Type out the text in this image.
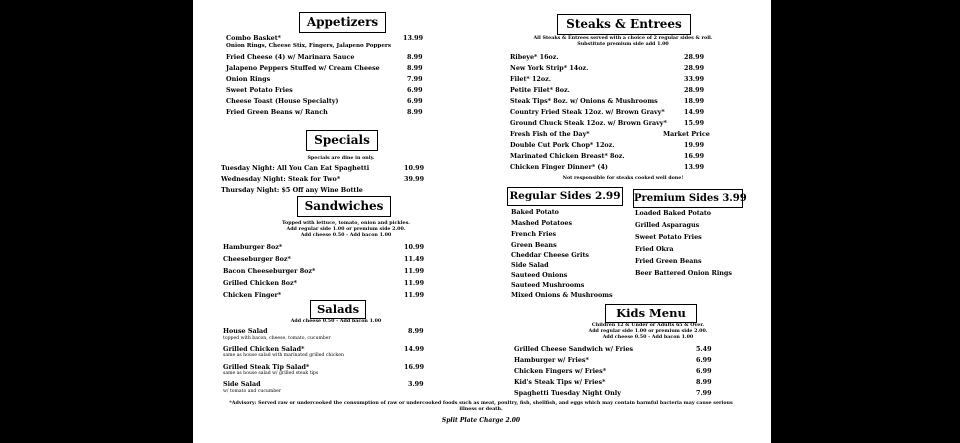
Appetizers
Combo Basket*	13.99
Onion Rings, Cheese Stix, Fingers, Jalapeno Poppers
Fried Cheese (4) w/ Marinara Sauce	8.99
Jalapeno Peppers Stuffed w/ Cream Cheese	8.99
Onion Rings	7.99
Sweet Potato Fries	6.99
Cheese Toast (House Specialty)	6.99
Fried Green Beans w/ Ranch	8.99
Specials
Specials are dine in only.
Tuesday Night: All You Can Eat Spaghetti	10.99
Wednesday Night: Steak for Two*	39.99
Thursday Night: $5 Off any Wine Bottle
Sandwiches
Topped with lettuce, tomato, onion and pickles.
Add regular side 1.00 or premium side 2.00.
Add cheese 0.50 - Add bacon 1.00
Hamburger 8oz*	10.99
Cheeseburger 8oz*	11.49
Bacon Cheeseburger 8oz*	11.99
Grilled Chicken 8oz*	11.99
Chicken Finger*	11.99
Salads
Add cheese 0.50 - Add bacon 1.00
House Salad	8.99
topped with bacon, cheese, tomato, cucumber
Grilled Chicken Salad*	14.99
same as house salad with marinated grilled chicken
Grilled Steak Tip Salad*	16.99
same as house salad w/ grilled steak tips
Side Salad	3.99
w/ tomato and cucumber
Steaks & Entrees
All Steaks & Entrees served with a choice of 2 regular sides & roll.
Substitute premium side add 1.00
Ribeye* 16oz.	28.99
New York Strip* 14oz.	28.99
Filet* 12oz.	33.99
Petite Filet* 8oz.	28.99
Steak Tips* 8oz. w/ Onions & Mushrooms	18.99
Country Fried Steak 12oz. w/ Brown Gravy*	14.99
Ground Chuck Steak 12oz. w/ Brown Gravy*	15.99
Fresh Fish of the Day*	Market Price
Double Cut Pork Chop* 12oz.	19.99
Marinated Chicken Breast* 8oz.	16.99
Chicken Finger Dinner* (4)	13.99
Not responsible for steaks cooked well done!
Regular Sides 2.99
Baked Potato
Mashed Potatoes
French Fries
Green Beans
Cheddar Cheese Grits
Side Salad
Sauteed Onions
Sauteed Mushrooms
Mixed Onions & Mushrooms
Premium Sides 3.99
Loaded Baked Potato
Grilled Asparagus
Sweet Potato Fries
Fried Okra
Fried Green Beans
Beer Battered Onion Rings
Kids Menu
Children 12 & Under or Adults 65 & Over.
Add regular side 1.00 or premium side 2.00.
Add cheese 0.50 - Add bacon 1.00
Grilled Cheese Sandwich w/ Fries	5.49
Hamburger w/ Fries*	6.99
Chicken Fingers w/ Fries*	6.99
Kid's Steak Tips w/ Fries*	8.99
Spaghetti Tuesday Night Only	7.99
*Advisory: Served raw or undercooked the consumption of raw or undercooked foods such as meat, poultry, fish, shellfish, and eggs which may contain harmful bacteria may cause serious illness or death.
Split Plate Charge 2.00
